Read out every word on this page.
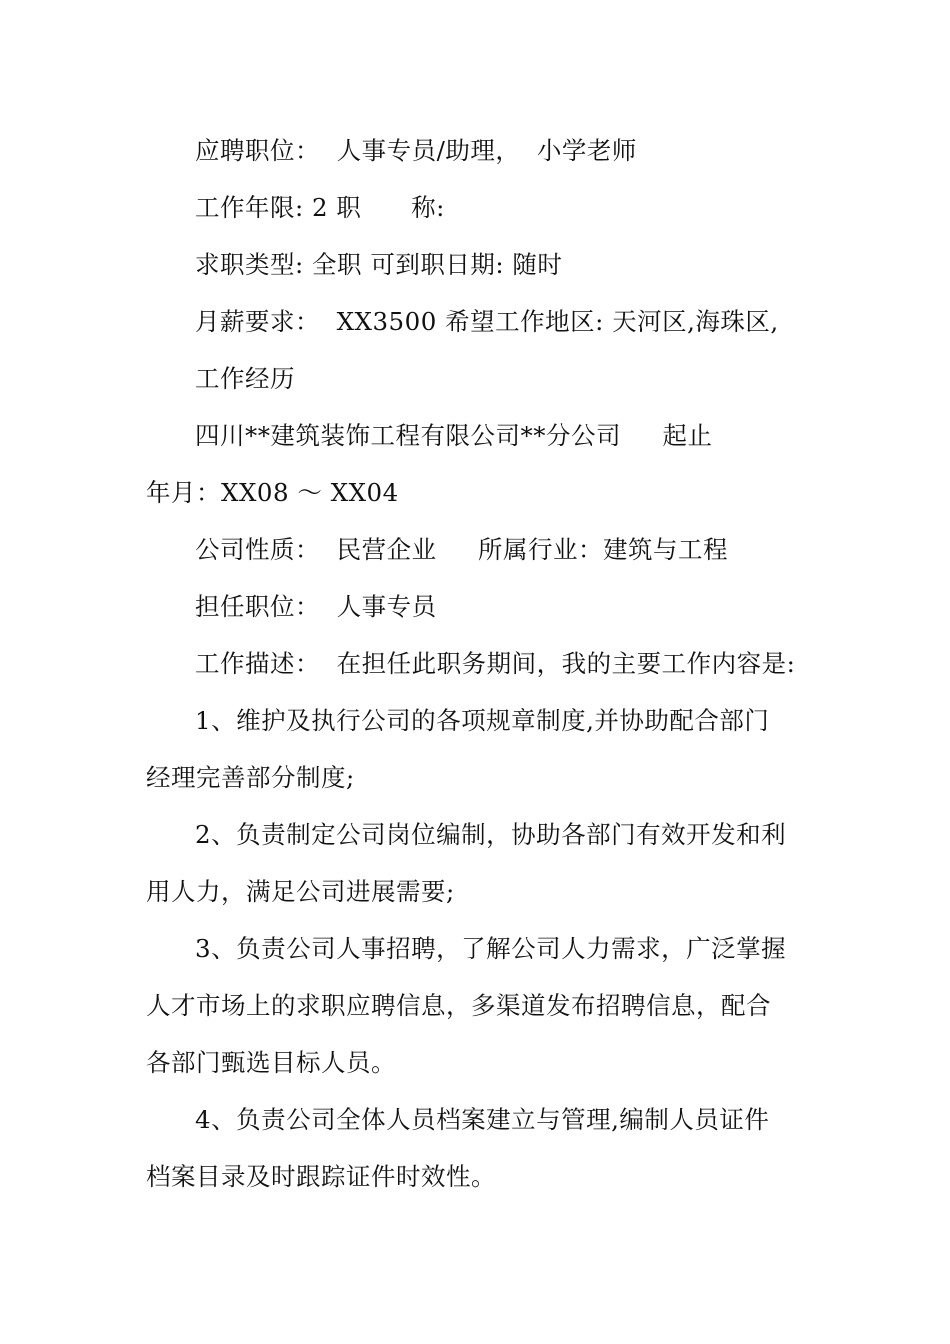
应聘职位：  人事专员/助理，  小学老师
工作年限: 2 职      称:
求职类型: 全职 可到职日期: 随时
月薪要求：  XX3500 希望工作地区: 天河区,海珠区,
工作经历
四川**建筑装饰工程有限公司**分公司     起止
年月：XX08 ～ XX04
公司性质：  民营企业     所属行业：建筑与工程
担任职位：  人事专员
工作描述：  在担任此职务期间，我的主要工作内容是:
1、维护及执行公司的各项规章制度,并协助配合部门
经理完善部分制度;
2、负责制定公司岗位编制，协助各部门有效开发和利
用人力，满足公司进展需要;
3、负责公司人事招聘，了解公司人力需求，广泛掌握
人才市场上的求职应聘信息，多渠道发布招聘信息，配合
各部门甄选目标人员。
4、负责公司全体人员档案建立与管理,编制人员证件
档案目录及时跟踪证件时效性。
